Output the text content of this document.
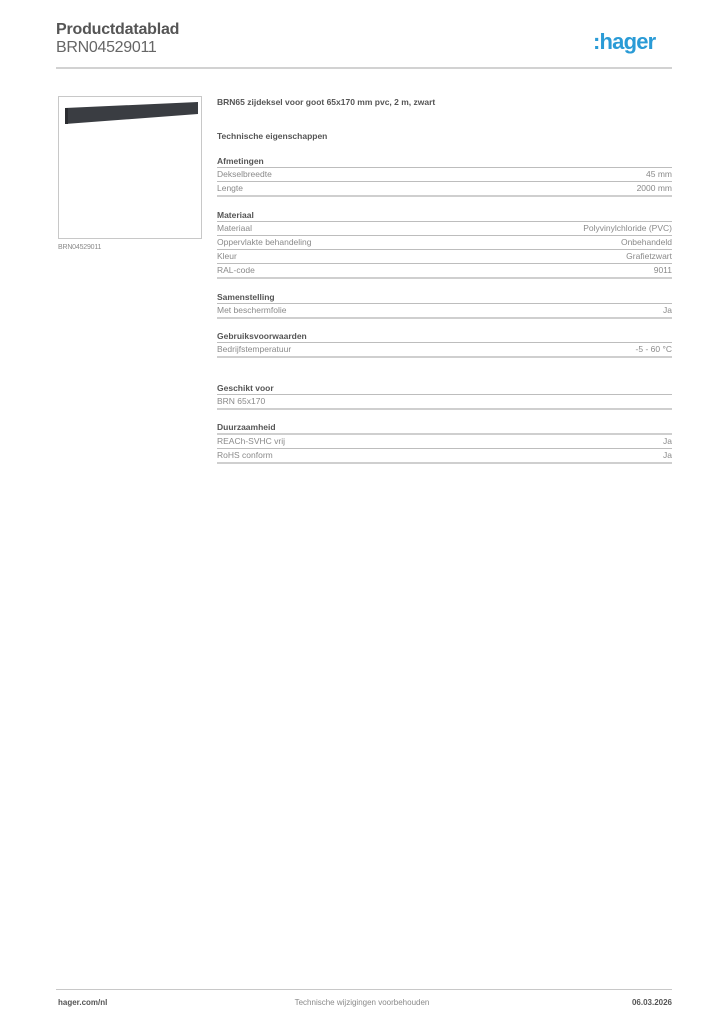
Productdatablad
BRN04529011	:hager
BRN04529011
BRN65 zijdeksel voor goot 65x170 mm pvc, 2 m, zwart
Technische eigenschappen
Afmetingen
Dekselbreedte	45 mm
Lengte	2000 mm
Materiaal
Materiaal	Polyvinylchloride (PVC)
Oppervlakte behandeling	Onbehandeld
Kleur	Grafietzwart
RAL-code	9011
Samenstelling
Met beschermfolie	Ja
Gebruiksvoorwaarden
Bedrijfstemperatuur	-5 - 60 °C
Geschikt voor
BRN 65x170
Duurzaamheid
REACh-SVHC vrij	Ja
RoHS conform	Ja
hager.com/nl	Technische wijzigingen voorbehouden	06.03.2026
